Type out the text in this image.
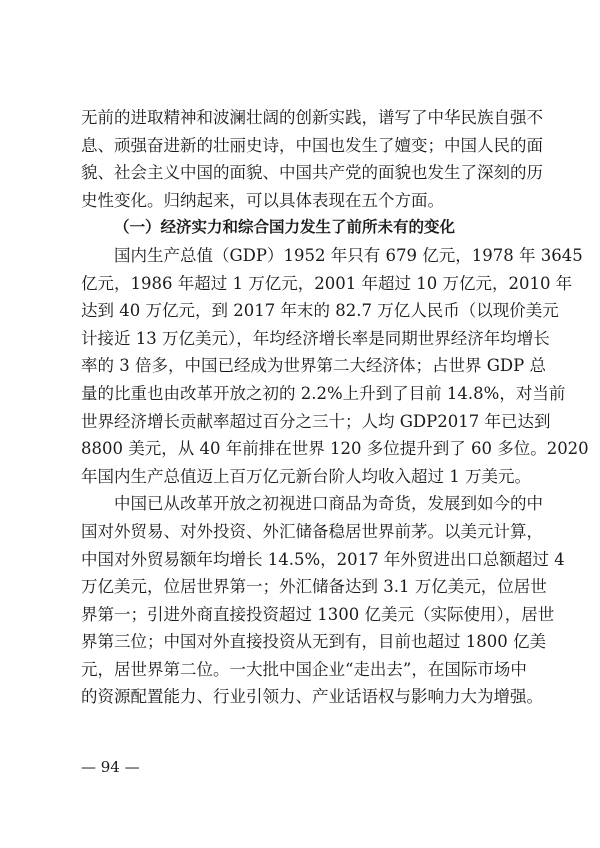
无前的进取精神和波澜壮阔的创新实践，谱写了中华民族自强不
息、顽强奋进新的壮丽史诗，中国也发生了嬗变；中国人民的面
貌、社会主义中国的面貌、中国共产党的面貌也发生了深刻的历
史性变化。归纳起来，可以具体表现在五个方面。
（一）经济实力和综合国力发生了前所未有的变化
国内生产总值（GDP）1952 年只有 679 亿元，1978 年 3645
亿元，1986 年超过 1 万亿元，2001 年超过 10 万亿元，2010 年
达到 40 万亿元，到 2017 年末的 82.7 万亿人民币（以现价美元
计接近 13 万亿美元），年均经济增长率是同期世界经济年均增长
率的 3 倍多，中国已经成为世界第二大经济体；占世界 GDP 总
量的比重也由改革开放之初的 2.2%上升到了目前 14.8%，对当前
世界经济增长贡献率超过百分之三十；人均 GDP2017 年已达到
8800 美元，从 40 年前排在世界 120 多位提升到了 60 多位。2020
年国内生产总值迈上百万亿元新台阶人均收入超过 1 万美元。
中国已从改革开放之初视进口商品为奇货，发展到如今的中
国对外贸易、对外投资、外汇储备稳居世界前茅。以美元计算，
中国对外贸易额年均增长 14.5%，2017 年外贸进出口总额超过 4
万亿美元，位居世界第一；外汇储备达到 3.1 万亿美元，位居世
界第一；引进外商直接投资超过 1300 亿美元（实际使用），居世
界第三位；中国对外直接投资从无到有，目前也超过 1800 亿美
元，居世界第二位。一大批中国企业“走出去”，在国际市场中
的资源配置能力、行业引领力、产业话语权与影响力大为增强。
— 94 —
